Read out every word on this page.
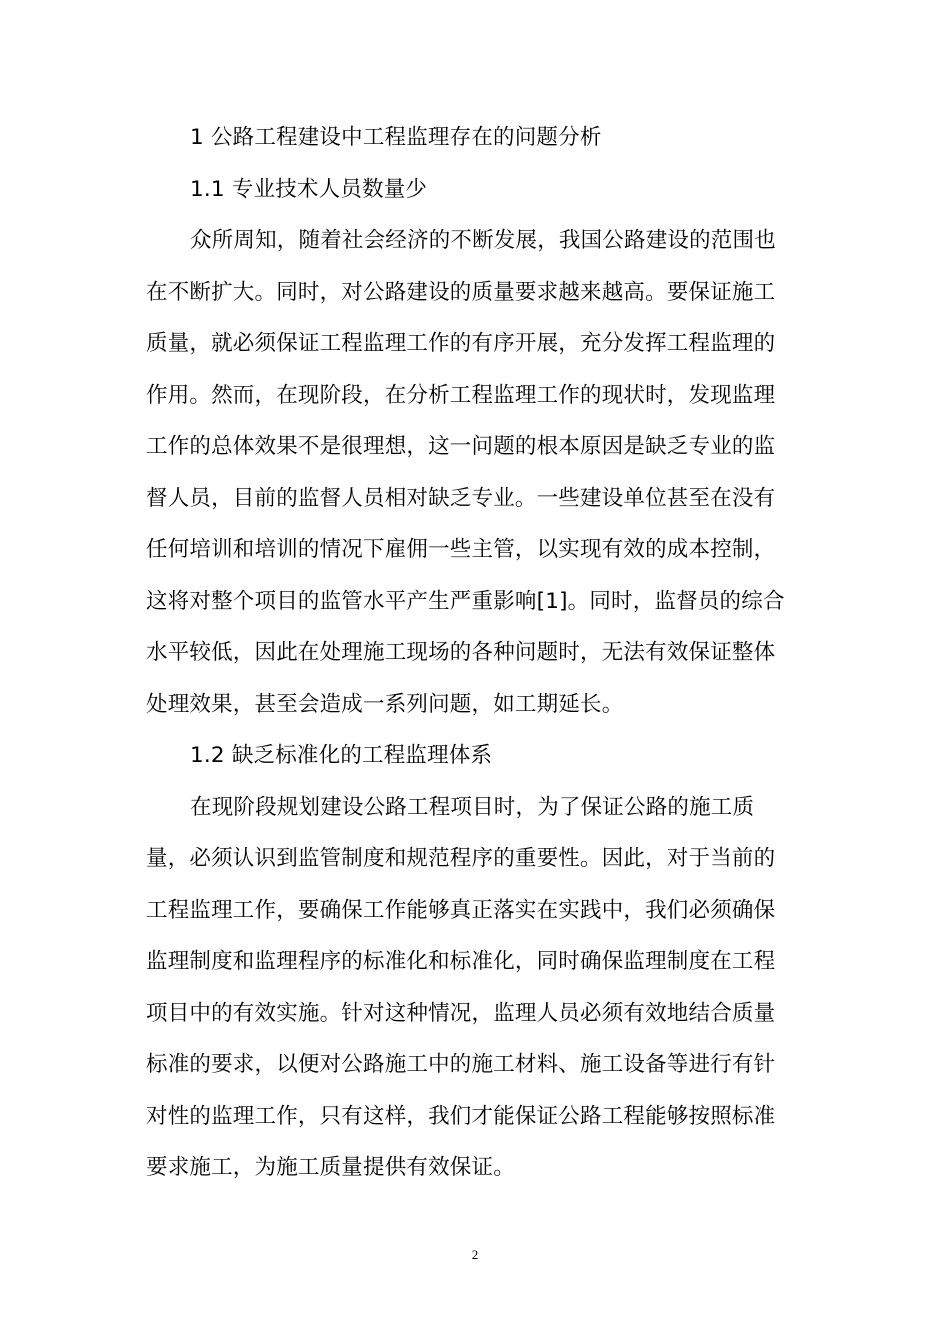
1 公路工程建设中工程监理存在的问题分析
1.1 专业技术人员数量少
众所周知，随着社会经济的不断发展，我国公路建设的范围也
在不断扩大。同时，对公路建设的质量要求越来越高。要保证施工
质量，就必须保证工程监理工作的有序开展，充分发挥工程监理的
作用。然而，在现阶段，在分析工程监理工作的现状时，发现监理
工作的总体效果不是很理想，这一问题的根本原因是缺乏专业的监
督人员，目前的监督人员相对缺乏专业。一些建设单位甚至在没有
任何培训和培训的情况下雇佣一些主管，以实现有效的成本控制，
这将对整个项目的监管水平产生严重影响[1]。同时，监督员的综合
水平较低，因此在处理施工现场的各种问题时，无法有效保证整体
处理效果，甚至会造成一系列问题，如工期延长。
1.2 缺乏标准化的工程监理体系
在现阶段规划建设公路工程项目时，为了保证公路的施工质
量，必须认识到监管制度和规范程序的重要性。因此，对于当前的
工程监理工作，要确保工作能够真正落实在实践中，我们必须确保
监理制度和监理程序的标准化和标准化，同时确保监理制度在工程
项目中的有效实施。针对这种情况，监理人员必须有效地结合质量
标准的要求，以便对公路施工中的施工材料、施工设备等进行有针
对性的监理工作，只有这样，我们才能保证公路工程能够按照标准
要求施工，为施工质量提供有效保证。
2
